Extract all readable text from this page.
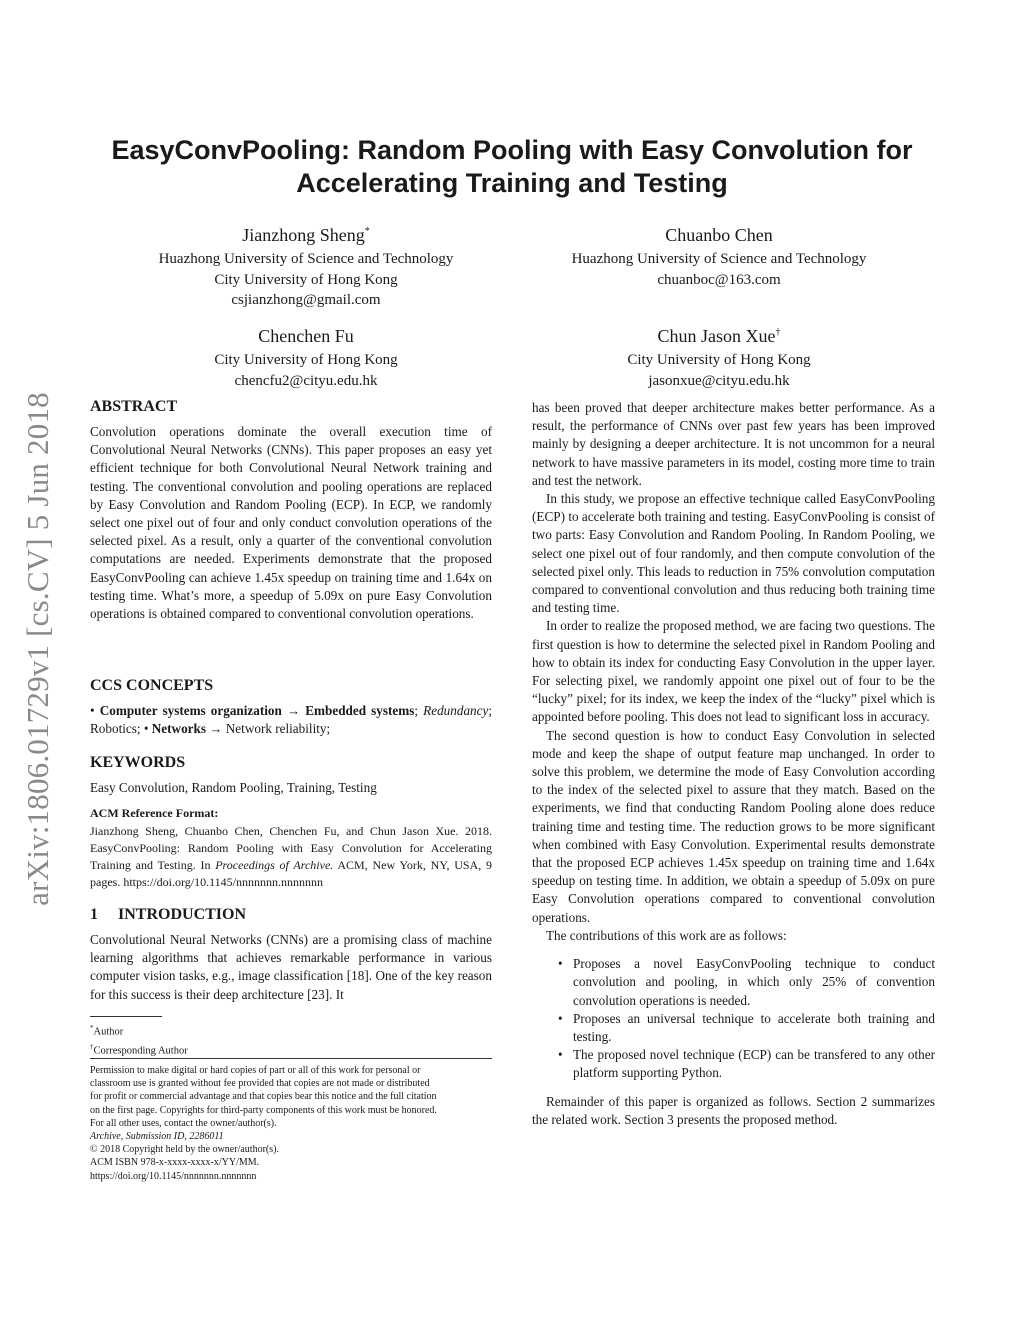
arXiv:1806.01729v1 [cs.CV] 5 Jun 2018
EasyConvPooling: Random Pooling with Easy Convolution for
Accelerating Training and Testing
Jianzhong Sheng*
Huazhong University of Science and Technology
City University of Hong Kong
csjianzhong@gmail.com
Chuanbo Chen
Huazhong University of Science and Technology
chuanboc@163.com
Chenchen Fu
City University of Hong Kong
chencfu2@cityu.edu.hk
Chun Jason Xue†
City University of Hong Kong
jasonxue@cityu.edu.hk
ABSTRACT

Convolution operations dominate the overall execution time of Convolutional Neural Networks (CNNs). This paper proposes an easy yet efficient technique for both Convolutional Neural Network training and testing. The conventional convolution and pooling operations are replaced by Easy Convolution and Random Pooling (ECP). In ECP, we randomly select one pixel out of four and only conduct convolution operations of the selected pixel. As a result, only a quarter of the conventional convolution computations are needed. Experiments demonstrate that the proposed EasyConvPooling can achieve 1.45x speedup on training time and 1.64x on testing time. What’s more, a speedup of 5.09x on pure Easy Convolution operations is obtained compared to conventional convolution operations.

CCS CONCEPTS

• Computer systems organization → Embedded systems; Redundancy; Robotics; • Networks → Network reliability;

KEYWORDS

Easy Convolution, Random Pooling, Training, Testing

ACM Reference Format:

Jianzhong Sheng, Chuanbo Chen, Chenchen Fu, and Chun Jason Xue. 2018. EasyConvPooling: Random Pooling with Easy Convolution for Accelerating Training and Testing. In Proceedings of Archive. ACM, New York, NY, USA, 9 pages. https://doi.org/10.1145/nnnnnnn.nnnnnnn

1 INTRODUCTION

Convolutional Neural Networks (CNNs) are a promising class of machine learning algorithms that achieves remarkable performance in various computer vision tasks, e.g., image classification [18]. One of the key reason for this success is their deep architecture [23]. It

*Author
†Corresponding Author
Permission to make digital or hard copies of part or all of this work for personal or
classroom use is granted without fee provided that copies are not made or distributed
for profit or commercial advantage and that copies bear this notice and the full citation
on the first page. Copyrights for third-party components of this work must be honored.
For all other uses, contact the owner/author(s).
Archive, Submission ID, 2286011
© 2018 Copyright held by the owner/author(s).
ACM ISBN 978-x-xxxx-xxxx-x/YY/MM.
https://doi.org/10.1145/nnnnnnn.nnnnnnn

has been proved that deeper architecture makes better performance. As a result, the performance of CNNs over past few years has been improved mainly by designing a deeper architecture. It is not uncommon for a neural network to have massive parameters in its model, costing more time to train and test the network.

In this study, we propose an effective technique called EasyConvPooling (ECP) to accelerate both training and testing. EasyConvPooling is consist of two parts: Easy Convolution and Random Pooling. In Random Pooling, we select one pixel out of four randomly, and then compute convolution of the selected pixel only. This leads to reduction in 75% convolution computation compared to conventional convolution and thus reducing both training time and testing time.

In order to realize the proposed method, we are facing two questions. The first question is how to determine the selected pixel in Random Pooling and how to obtain its index for conducting Easy Convolution in the upper layer. For selecting pixel, we randomly appoint one pixel out of four to be the “lucky” pixel; for its index, we keep the index of the “lucky” pixel which is appointed before pooling. This does not lead to significant loss in accuracy.

The second question is how to conduct Easy Convolution in selected mode and keep the shape of output feature map unchanged. In order to solve this problem, we determine the mode of Easy Convolution according to the index of the selected pixel to assure that they match. Based on the experiments, we find that conducting Random Pooling alone does reduce training time and testing time. The reduction grows to be more significant when combined with Easy Convolution. Experimental results demonstrate that the proposed ECP achieves 1.45x speedup on training time and 1.64x speedup on testing time. In addition, we obtain a speedup of 5.09x on pure Easy Convolution operations compared to conventional convolution operations.

The contributions of this work are as follows:

• Proposes a novel EasyConvPooling technique to conduct convolution and pooling, in which only 25% of convention convolution operations is needed.
• Proposes an universal technique to accelerate both training and testing.
• The proposed novel technique (ECP) can be transfered to any other platform supporting Python.

Remainder of this paper is organized as follows. Section 2 summarizes the related work. Section 3 presents the proposed method.
